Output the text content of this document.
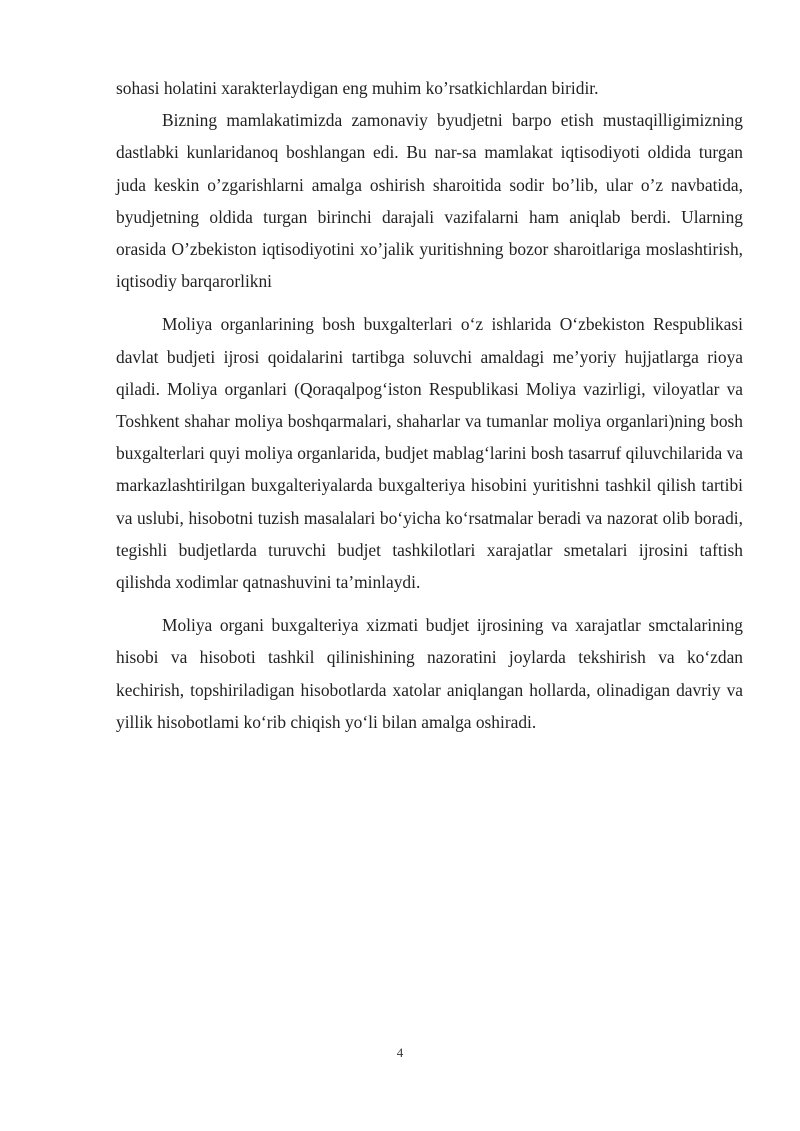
sohasi holatini xarakterlaydigan eng muhim ko’rsatkichlardan biridir.

Bizning mamlakatimizda zamonaviy byudjetni barpo etish mustaqilligimizning dastlabki kunlaridanoq boshlangan edi. Bu nar-sa mamlakat iqtisodiyoti oldida turgan juda keskin o’zgarishlarni amalga oshirish sharoitida sodir bo’lib, ular o’z navbatida, byudjetning oldida turgan birinchi darajali vazifalarni ham aniqlab berdi. Ularning orasida O’zbekiston iqtisodiyotini xo’jalik yuritishning bozor sharoitlariga moslashtirish, iqtisodiy barqarorlikni

Moliya organlarining bosh buxgalterlari o‘z ishlarida O‘zbekiston Respublikasi davlat budjeti ijrosi qoidalarini tartibga soluvchi amaldagi me’yoriy hujjatlarga rioya qiladi. Moliya organlari (Qoraqalpog‘iston Respublikasi Moliya vazirligi, viloyatlar va Toshkent shahar moliya boshqarmalari, shaharlar va tumanlar moliya organlari)ning bosh buxgalterlari quyi moliya organlarida, budjet mablag‘larini bosh tasarruf qiluvchilarida va markazlashtirilgan buxgalteriyalarda buxgalteriya hisobini yuritishni tashkil qilish tartibi va uslubi, hisobotni tuzish masalalari bo‘yicha ko‘rsatmalar beradi va nazorat olib boradi, tegishli budjetlarda turuvchi budjet tashkilotlari xarajatlar smetalari ijrosini taftish qilishda xodimlar qatnashuvini ta’minlaydi.

Moliya organi buxgalteriya xizmati budjet ijrosining va xarajatlar smctalarining hisobi va hisoboti tashkil qilinishining nazoratini joylarda tekshirish va ko‘zdan kechirish, topshiriladigan hisobotlarda xatolar aniqlangan hollarda, olinadigan davriy va yillik hisobotlami ko‘rib chiqish yo‘li bilan amalga oshiradi.

4
